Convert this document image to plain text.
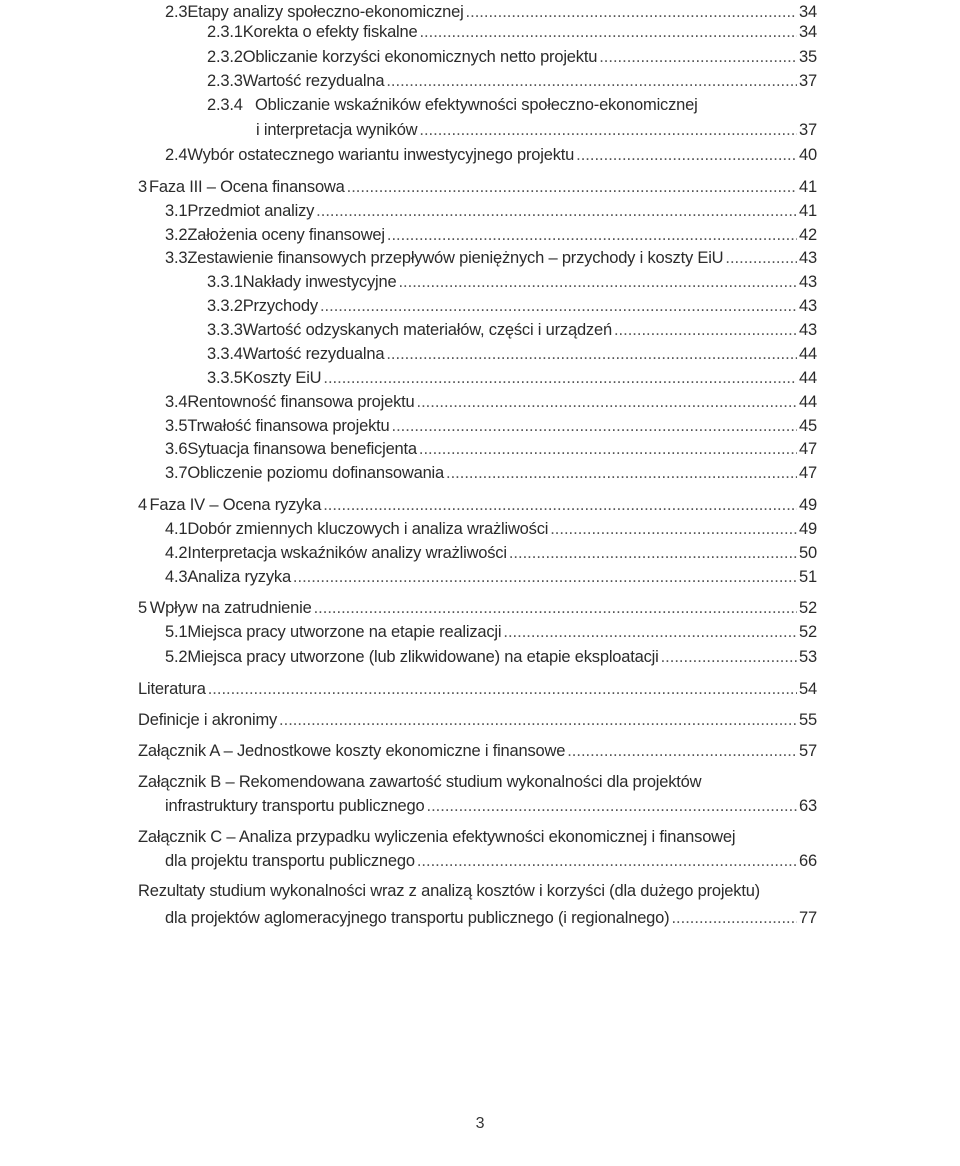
2.3 Etapy analizy społeczno-ekonomicznej .....	34
2.3.1 Korekta o efekty fiskalne .....	34
2.3.2 Obliczanie korzyści ekonomicznych netto projektu .....	35
2.3.3 Wartość rezydualna .....	37
2.3.4 Obliczanie wskaźników efektywności społeczno-ekonomicznej
i interpretacja wyników .....	37
2.4 Wybór ostatecznego wariantu inwestycyjnego projektu .....	40
3 Faza III – Ocena finansowa .....	41
3.1 Przedmiot analizy .....	41
3.2 Założenia oceny finansowej .....	42
3.3 Zestawienie finansowych przepływów pieniężnych – przychody i koszty EiU .....	43
3.3.1 Nakłady inwestycyjne .....	43
3.3.2 Przychody .....	43
3.3.3 Wartość odzyskanych materiałów, części i urządzeń .....	43
3.3.4 Wartość rezydualna .....	44
3.3.5 Koszty EiU .....	44
3.4 Rentowność finansowa projektu .....	44
3.5 Trwałość finansowa projektu .....	45
3.6 Sytuacja finansowa beneficjenta .....	47
3.7 Obliczenie poziomu dofinansowania .....	47
4 Faza IV – Ocena ryzyka .....	49
4.1 Dobór zmiennych kluczowych i analiza wrażliwości .....	49
4.2 Interpretacja wskaźników analizy wrażliwości .....	50
4.3 Analiza ryzyka .....	51
5 Wpływ na zatrudnienie .....	52
5.1 Miejsca pracy utworzone na etapie realizacji .....	52
5.2 Miejsca pracy utworzone (lub zlikwidowane) na etapie eksploatacji .....	53
Literatura .....	54
Definicje i akronimy .....	55
Załącznik A – Jednostkowe koszty ekonomiczne i finansowe .....	57
Załącznik B – Rekomendowana zawartość studium wykonalności dla projektów
infrastruktury transportu publicznego .....	63
Załącznik C – Analiza przypadku wyliczenia efektywności ekonomicznej i finansowej
dla projektu transportu publicznego .....	66
Rezultaty studium wykonalności wraz z analizą kosztów i korzyści (dla dużego projektu)
dla projektów aglomeracyjnego transportu publicznego (i regionalnego) .....	77
3
